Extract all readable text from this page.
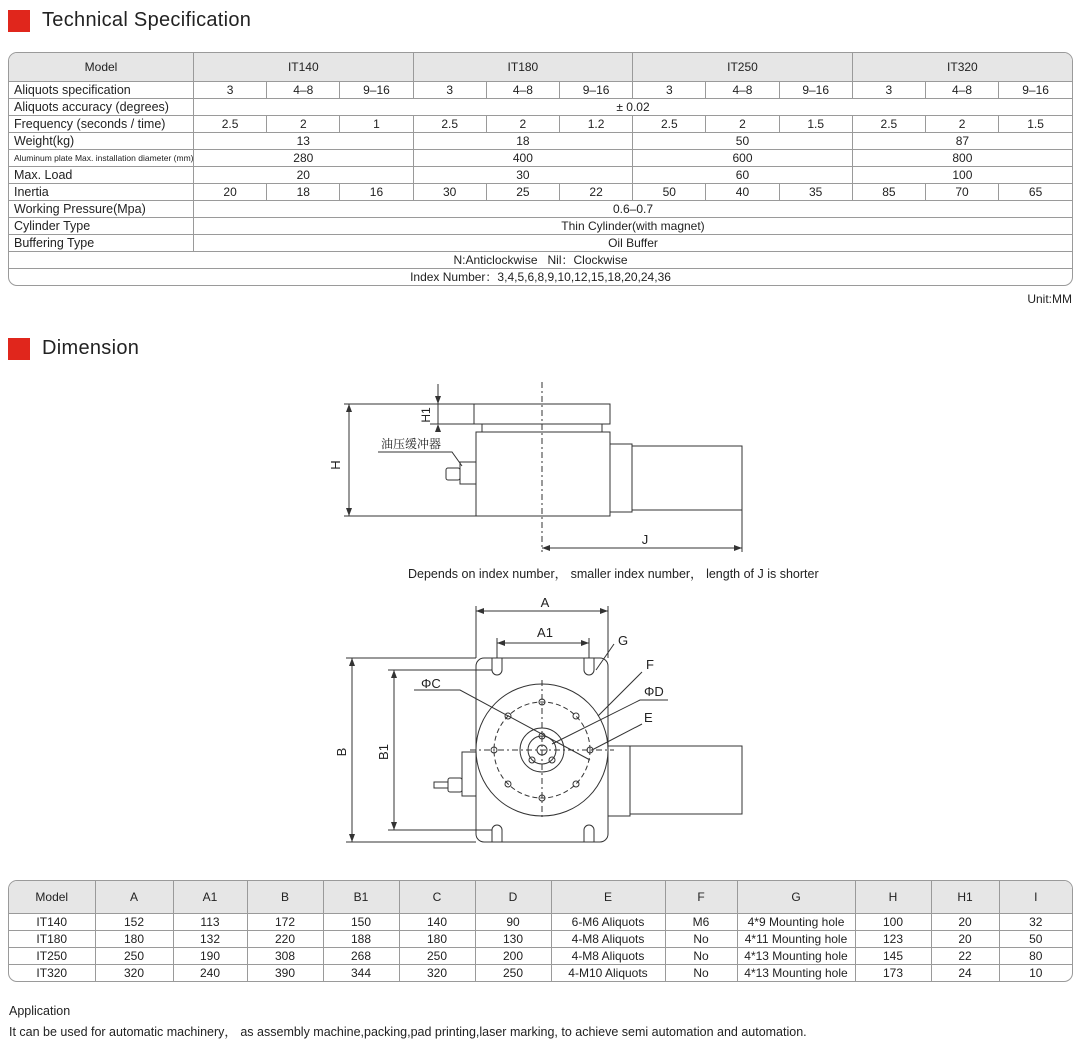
Technical Specification
Model	IT140			IT180			IT250			IT320		
Aliquots specification	3	4–8	9–16	3	4–8	9–16	3	4–8	9–16	3	4–8	9–16
Aliquots accuracy (degrees)	± 0.02											
Frequency (seconds / time)	2.5	2	1	2.5	2	1.2	2.5	2	1.5	2.5	2	1.5
Weight(kg)	13			18			50			87		
Aluminum plate Max. installation diameter (mm)	280			400			600			800		
Max. Load	20			30			60			100		
Inertia	20	18	16	30	25	22	50	40	35	85	70	65
Working Pressure(Mpa)	0.6–0.7											
Cylinder Type	Thin Cylinder(with magnet)											
Buffering Type	Oil Buffer											
N:Anticlockwise   Nil：Clockwise												
Index Number：3,4,5,6,8,9,10,12,15,18,20,24,36												
Unit:MM
Dimension
H
H1
J
油压缓冲器
A
A1
B B1
ΦC
ΦD
E
F
G
Depends on index number， smaller index number， length of J is shorter
Model	A	A1	B	B1	C	D	E	F	G	H	H1	I
IT140	152	113	172	150	140	90	6-M6 Aliquots	M6	4*9 Mounting hole	100	20	32
IT180	180	132	220	188	180	130	4-M8 Aliquots	No	4*11 Mounting hole	123	20	50
IT250	250	190	308	268	250	200	4-M8 Aliquots	No	4*13 Mounting hole	145	22	80
IT320	320	240	390	344	320	250	4-M10 Aliquots	No	4*13 Mounting hole	173	24	10
Application
It can be used for automatic machinery， as assembly machine,packing,pad printing,laser marking, to achieve semi automation and automation.
